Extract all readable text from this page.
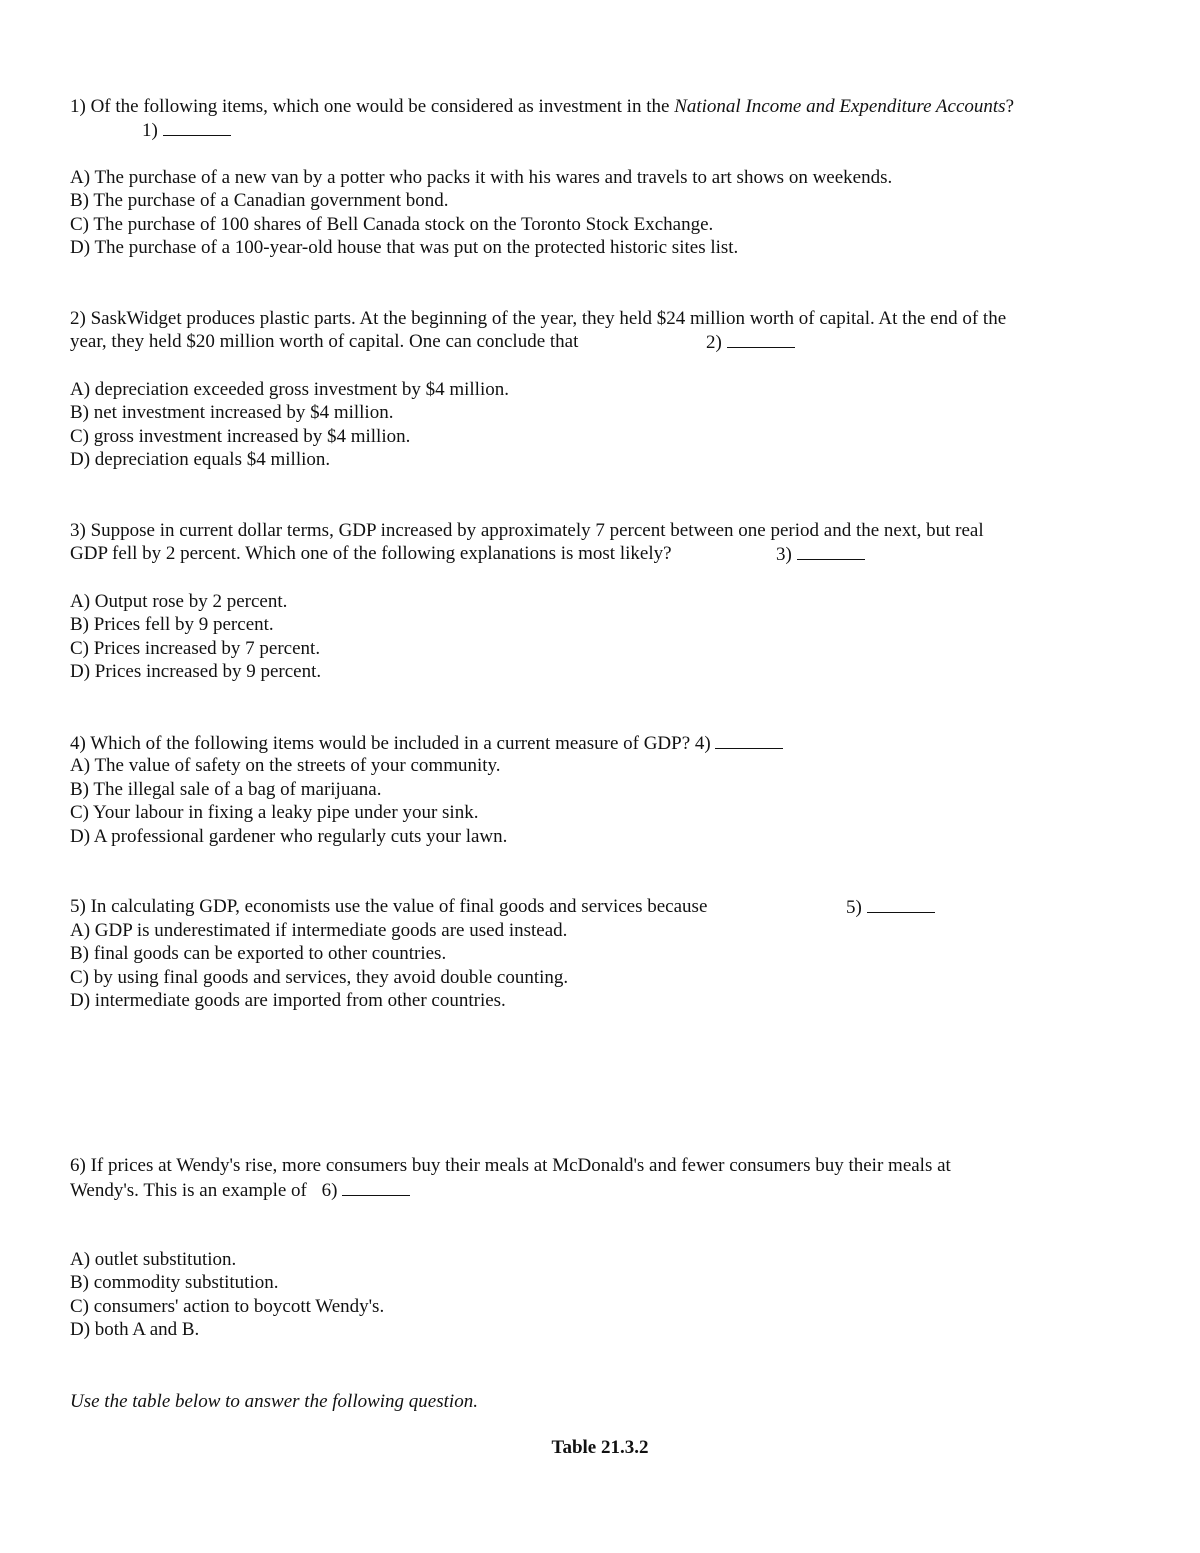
1) Of the following items, which one would be considered as investment in the National Income and Expenditure Accounts?
1)
A) The purchase of a new van by a potter who packs it with his wares and travels to art shows on weekends.
B) The purchase of a Canadian government bond.
C) The purchase of 100 shares of Bell Canada stock on the Toronto Stock Exchange.
D) The purchase of a 100-year-old house that was put on the protected historic sites list.
2) SaskWidget produces plastic parts. At the beginning of the year, they held $24 million worth of capital. At the end of the
year, they held $20 million worth of capital. One can conclude that	2)
A) depreciation exceeded gross investment by $4 million.
B) net investment increased by $4 million.
C) gross investment increased by $4 million.
D) depreciation equals $4 million.
3) Suppose in current dollar terms, GDP increased by approximately 7 percent between one period and the next, but real
GDP fell by 2 percent. Which one of the following explanations is most likely?	3)
A) Output rose by 2 percent.
B) Prices fell by 9 percent.
C) Prices increased by 7 percent.
D) Prices increased by 9 percent.
4) Which of the following items would be included in a current measure of GDP? 4)
A) The value of safety on the streets of your community.
B) The illegal sale of a bag of marijuana.
C) Your labour in fixing a leaky pipe under your sink.
D) A professional gardener who regularly cuts your lawn.
5) In calculating GDP, economists use the value of final goods and services because	5)
A) GDP is underestimated if intermediate goods are used instead.
B) final goods can be exported to other countries.
C) by using final goods and services, they avoid double counting.
D) intermediate goods are imported from other countries.
6) If prices at Wendy's rise, more consumers buy their meals at McDonald's and fewer consumers buy their meals at
Wendy's. This is an example of 6)
A) outlet substitution.
B) commodity substitution.
C) consumers' action to boycott Wendy's.
D) both A and B.
Use the table below to answer the following question.
Table 21.3.2
